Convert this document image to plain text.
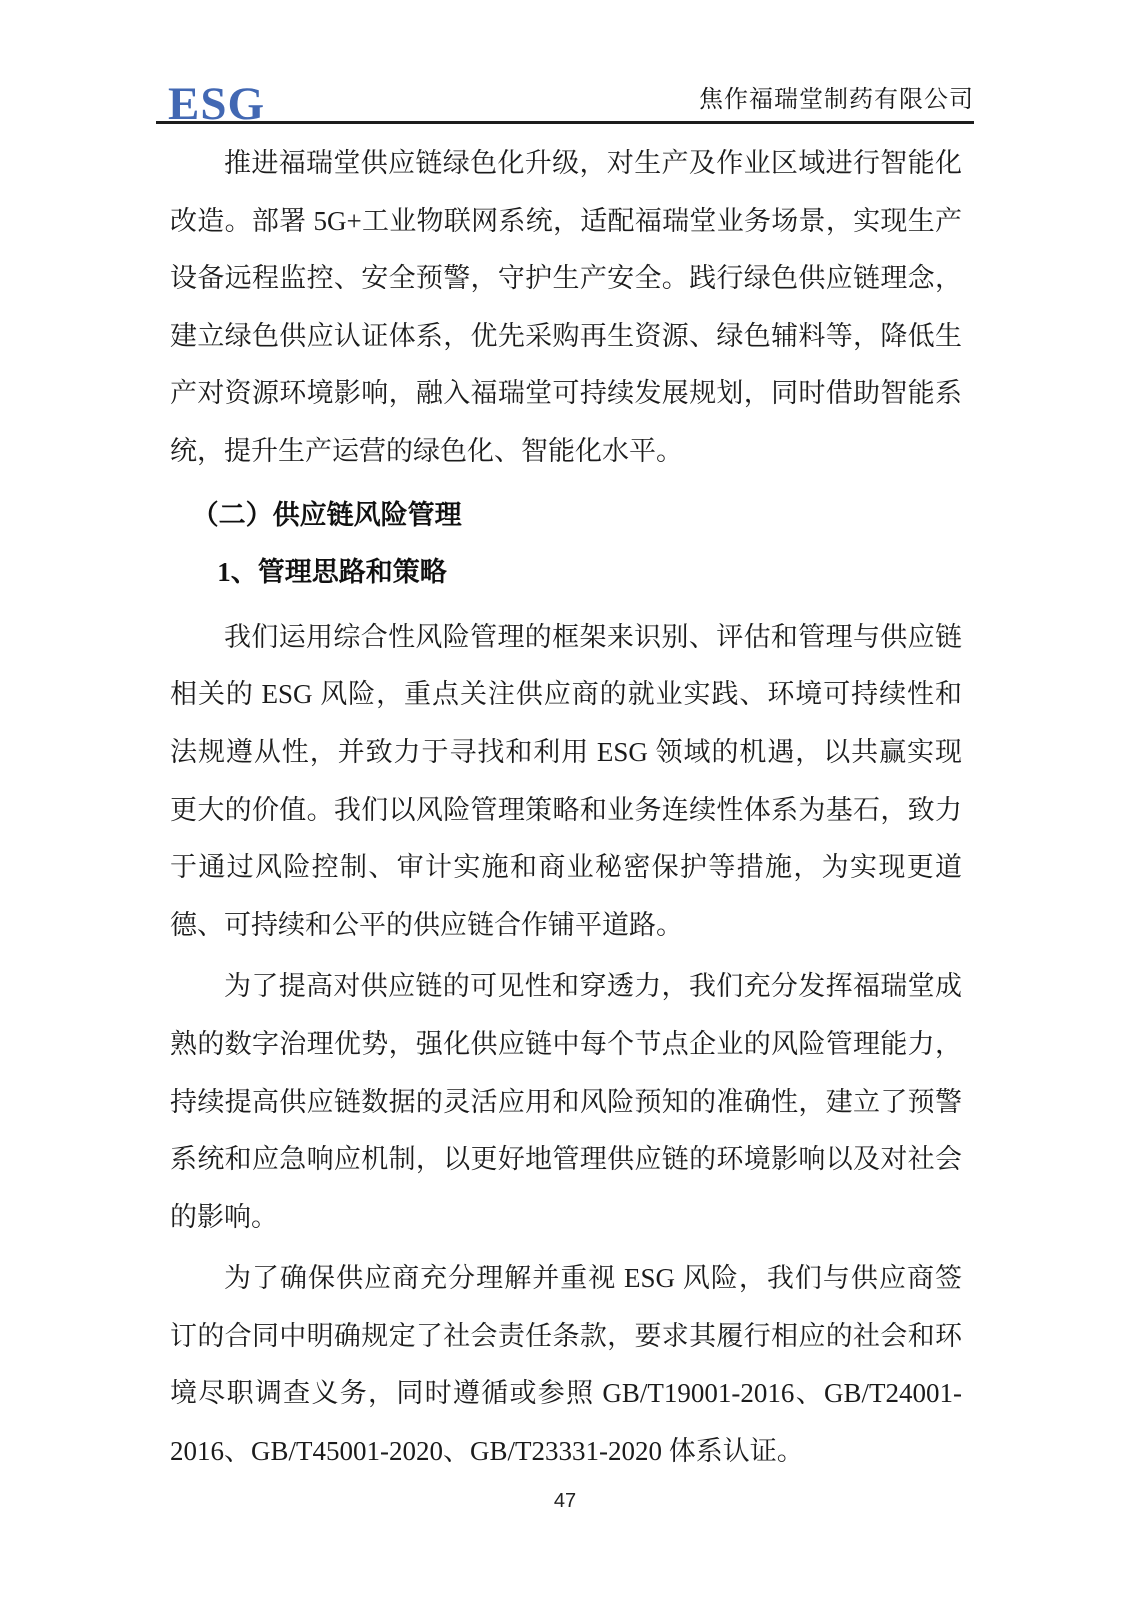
ESG	焦作福瑞堂制药有限公司

推进福瑞堂供应链绿色化升级，对生产及作业区域进行智能化改造。部署 5G+工业物联网系统，适配福瑞堂业务场景，实现生产设备远程监控、安全预警，守护生产安全。践行绿色供应链理念，建立绿色供应认证体系，优先采购再生资源、绿色辅料等，降低生产对资源环境影响，融入福瑞堂可持续发展规划，同时借助智能系统，提升生产运营的绿色化、智能化水平。

（二）供应链风险管理
1、管理思路和策略

我们运用综合性风险管理的框架来识别、评估和管理与供应链相关的 ESG 风险，重点关注供应商的就业实践、环境可持续性和法规遵从性，并致力于寻找和利用 ESG 领域的机遇，以共赢实现更大的价值。我们以风险管理策略和业务连续性体系为基石，致力于通过风险控制、审计实施和商业秘密保护等措施，为实现更道德、可持续和公平的供应链合作铺平道路。

为了提高对供应链的可见性和穿透力，我们充分发挥福瑞堂成熟的数字治理优势，强化供应链中每个节点企业的风险管理能力，持续提高供应链数据的灵活应用和风险预知的准确性，建立了预警系统和应急响应机制，以更好地管理供应链的环境影响以及对社会的影响。

为了确保供应商充分理解并重视 ESG 风险，我们与供应商签订的合同中明确规定了社会责任条款，要求其履行相应的社会和环境尽职调查义务，同时遵循或参照 GB/T19001-2016、GB/T24001-2016、GB/T45001-2020、GB/T23331-2020 体系认证。

47
